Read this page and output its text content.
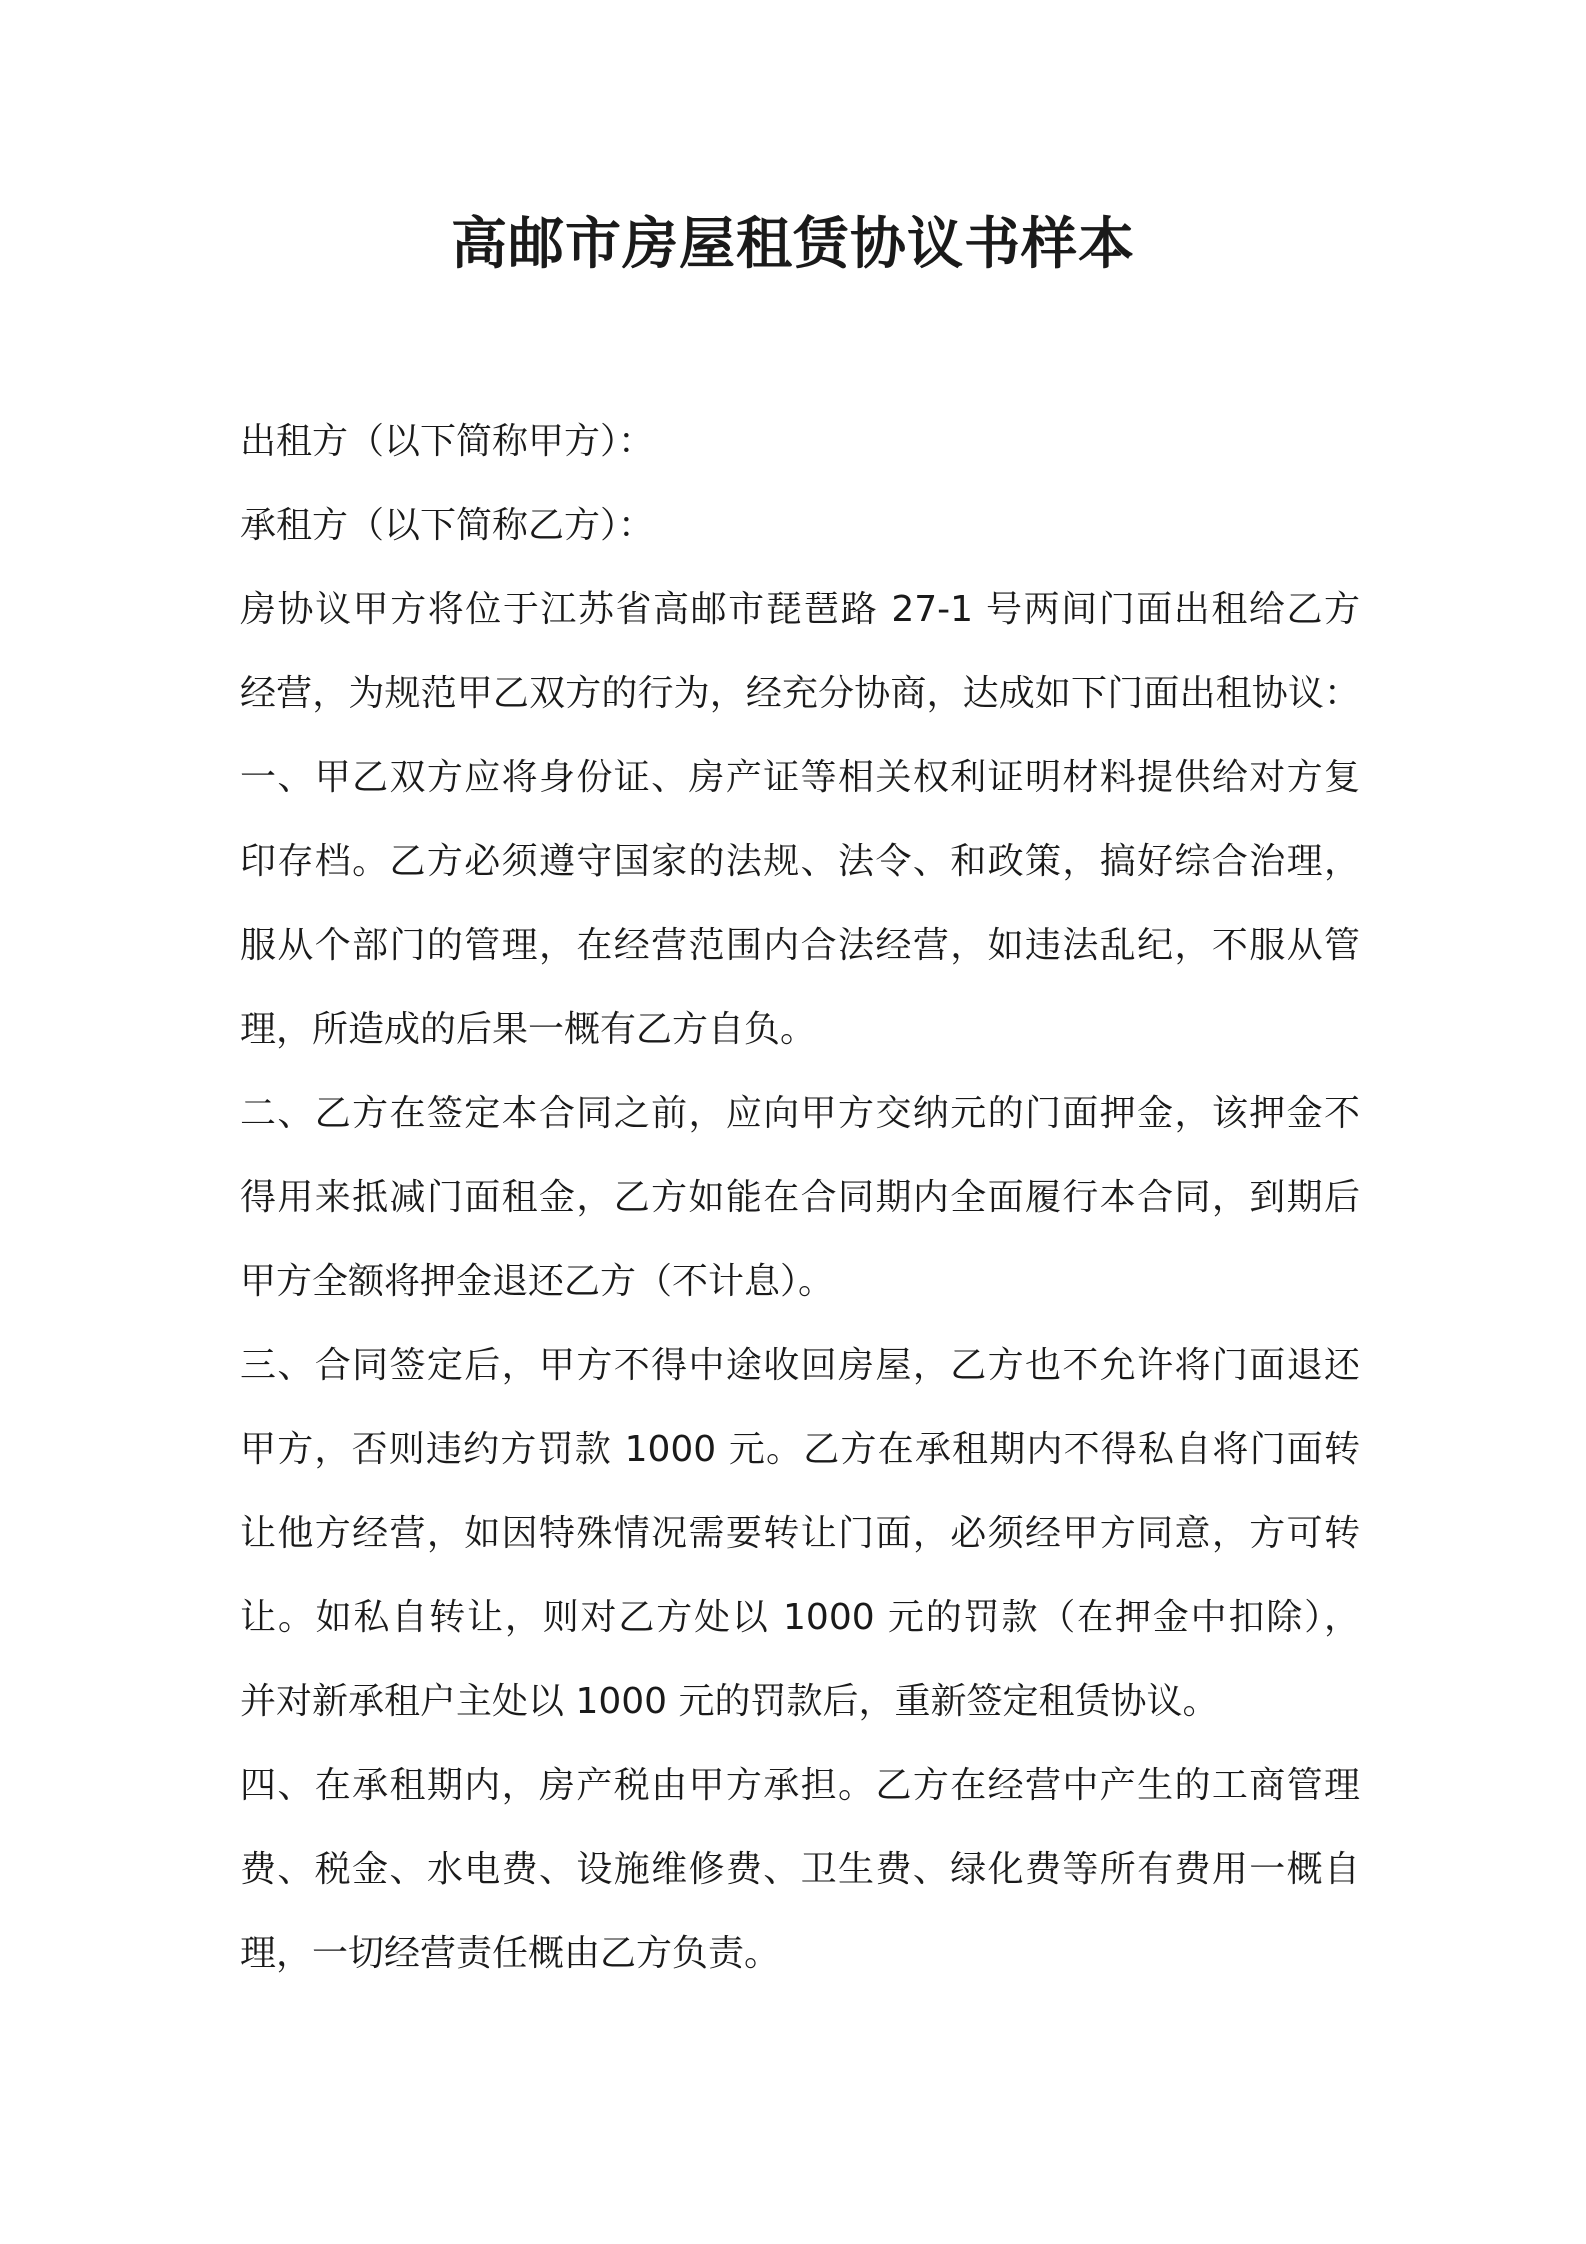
高邮市房屋租赁协议书样本
出租方（以下简称甲方）：
承租方（以下简称乙方）：
房协议甲方将位于江苏省高邮市琵琶路 27-1 号两间门面出租给乙方
经营，为规范甲乙双方的行为，经充分协商，达成如下门面出租协议：
一、甲乙双方应将身份证、房产证等相关权利证明材料提供给对方复
印存档。乙方必须遵守国家的法规、法令、和政策，搞好综合治理，
服从个部门的管理，在经营范围内合法经营，如违法乱纪，不服从管
理，所造成的后果一概有乙方自负。
二、乙方在签定本合同之前，应向甲方交纳元的门面押金，该押金不
得用来抵减门面租金，乙方如能在合同期内全面履行本合同，到期后
甲方全额将押金退还乙方（不计息）。
三、合同签定后，甲方不得中途收回房屋，乙方也不允许将门面退还
甲方，否则违约方罚款 1000 元。乙方在承租期内不得私自将门面转
让他方经营，如因特殊情况需要转让门面，必须经甲方同意，方可转
让。如私自转让，则对乙方处以 1000 元的罚款（在押金中扣除），
并对新承租户主处以 1000 元的罚款后，重新签定租赁协议。
四、在承租期内，房产税由甲方承担。乙方在经营中产生的工商管理
费、税金、水电费、设施维修费、卫生费、绿化费等所有费用一概自
理，一切经营责任概由乙方负责。
